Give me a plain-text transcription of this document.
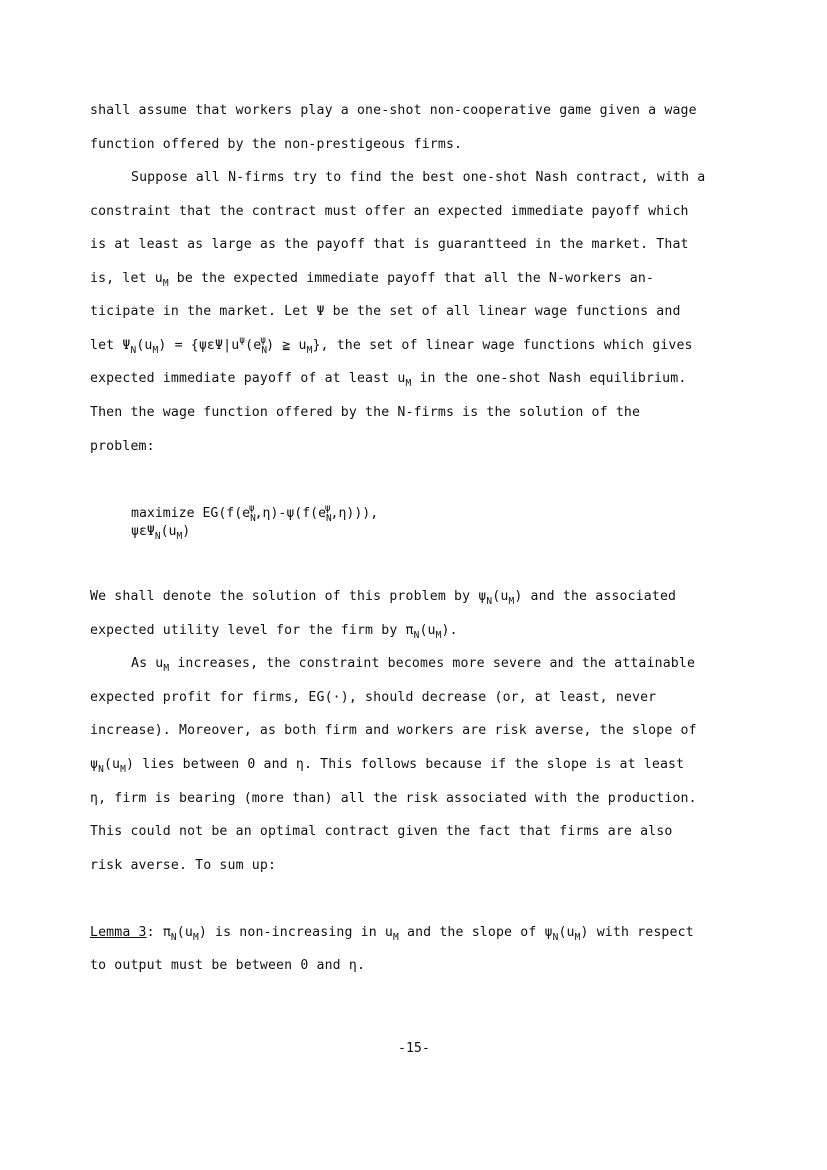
shall assume that workers play a one-shot non-cooperative game given a wage
function offered by the non-prestigeous firms.
Suppose all N-firms try to find the best one-shot Nash contract, with a
constraint that the contract must offer an expected immediate payoff which
is at least as large as the payoff that is guarantteed in the market. That
is, let $u_M$ be the expected immediate payoff that all the N-workers an-
ticipate in the market. Let Ψ be the set of all linear wage functions and
let $\Psi_N(u_M) = \{\psi\varepsilon\Psi|u^\psi(e_N^\psi)$ ≧ $u_M$}, the set of linear wage functions which gives
expected immediate payoff of at least $u_M$ in the one-shot Nash equilibrium.
Then the wage function offered by the N-firms is the solution of the
problem:
maximize $EG(f(e_N^\psi,\eta)-\psi(f(e_N^\psi,\eta)))$,
$\psi\varepsilon\Psi_N(u_M)$
We shall denote the solution of this problem by $\psi_N(u_M)$ and the associated
expected utility level for the firm by $\pi_N(u_M)$.
As $u_M$ increases, the constraint becomes more severe and the attainable
expected profit for firms, EG(·), should decrease (or, at least, never
increase). Moreover, as both firm and workers are risk averse, the slope of
$\psi_N(u_M)$ lies between 0 and η. This follows because if the slope is at least
η, firm is bearing (more than) all the risk associated with the production.
This could not be an optimal contract given the fact that firms are also
risk averse. To sum up:
Lemma 3: $\pi_N(u_M)$ is non-increasing in $u_M$ and the slope of $\psi_N(u_M)$ with respect
to output must be between 0 and η.
-15-
